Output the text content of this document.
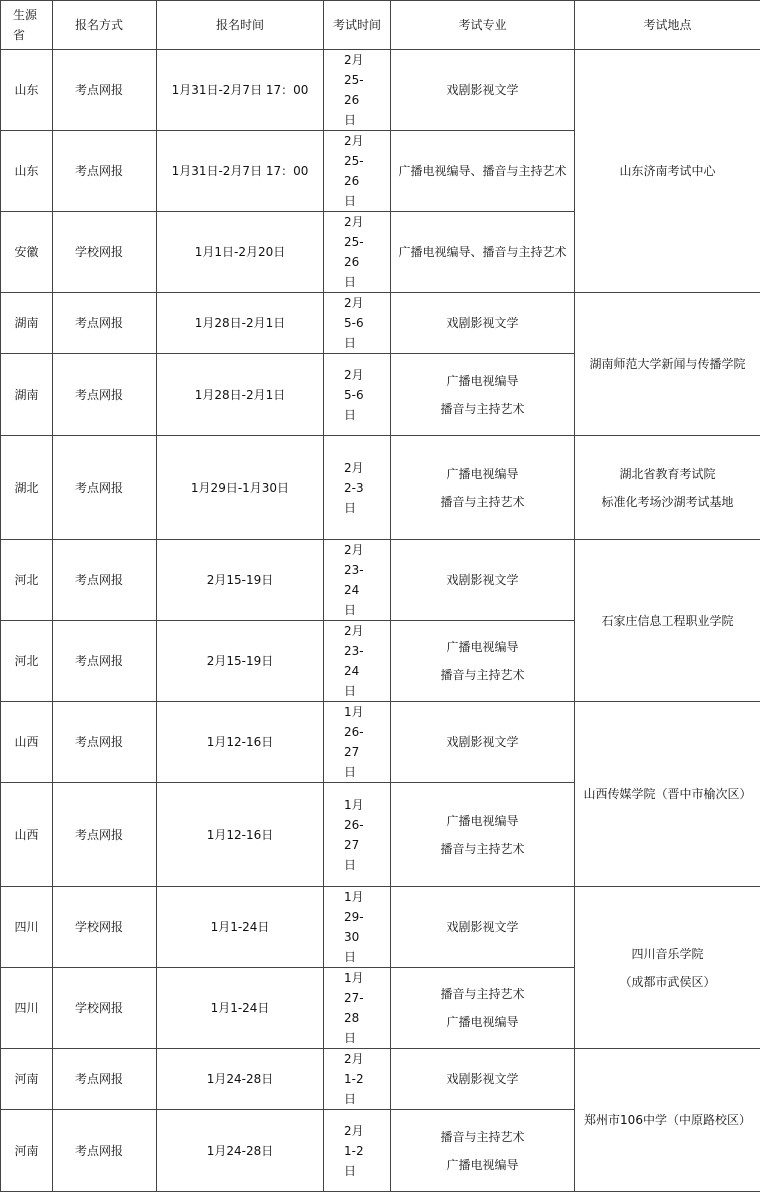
生源省	报名方式	报名时间	考试时间	考试专业	考试地点
山东	考点网报	1月31日-2月7日 17：00	2月25-26日	戏剧影视文学	山东济南考试中心

山东	考点网报	1月31日-2月7日 17：00	2月25-26日	广播电视编导、播音与主持艺术	

安徽	学校网报	1月1日-2月20日	2月25-26日	广播电视编导、播音与主持艺术	

湖南	考点网报	1月28日-2月1日	2月5-6日	戏剧影视文学	湖南师范大学新闻与传播学院

湖南	考点网报	1月28日-2月1日	2月5-6日	广播电视编导
播音与主持艺术	

湖北	考点网报	1月29日-1月30日	2月2-3日	广播电视编导
播音与主持艺术	湖北省教育考试院
标准化考场沙湖考试基地

河北	考点网报	2月15-19日	2月23-24日	戏剧影视文学	石家庄信息工程职业学院

河北	考点网报	2月15-19日	2月23-24日	广播电视编导
播音与主持艺术	

山西	考点网报	1月12-16日	1月26-27日	戏剧影视文学	山西传媒学院（晋中市榆次区）

山西	考点网报	1月12-16日	1月26-27日	广播电视编导
播音与主持艺术	

四川	学校网报	1月1-24日	1月29-30日	戏剧影视文学	四川音乐学院
（成都市武侯区）

四川	学校网报	1月1-24日	1月27-28日	播音与主持艺术
广播电视编导	

河南	考点网报	1月24-28日	2月1-2日	戏剧影视文学	郑州市106中学（中原路校区）

河南	考点网报	1月24-28日	2月1-2日	播音与主持艺术
广播电视编导	
